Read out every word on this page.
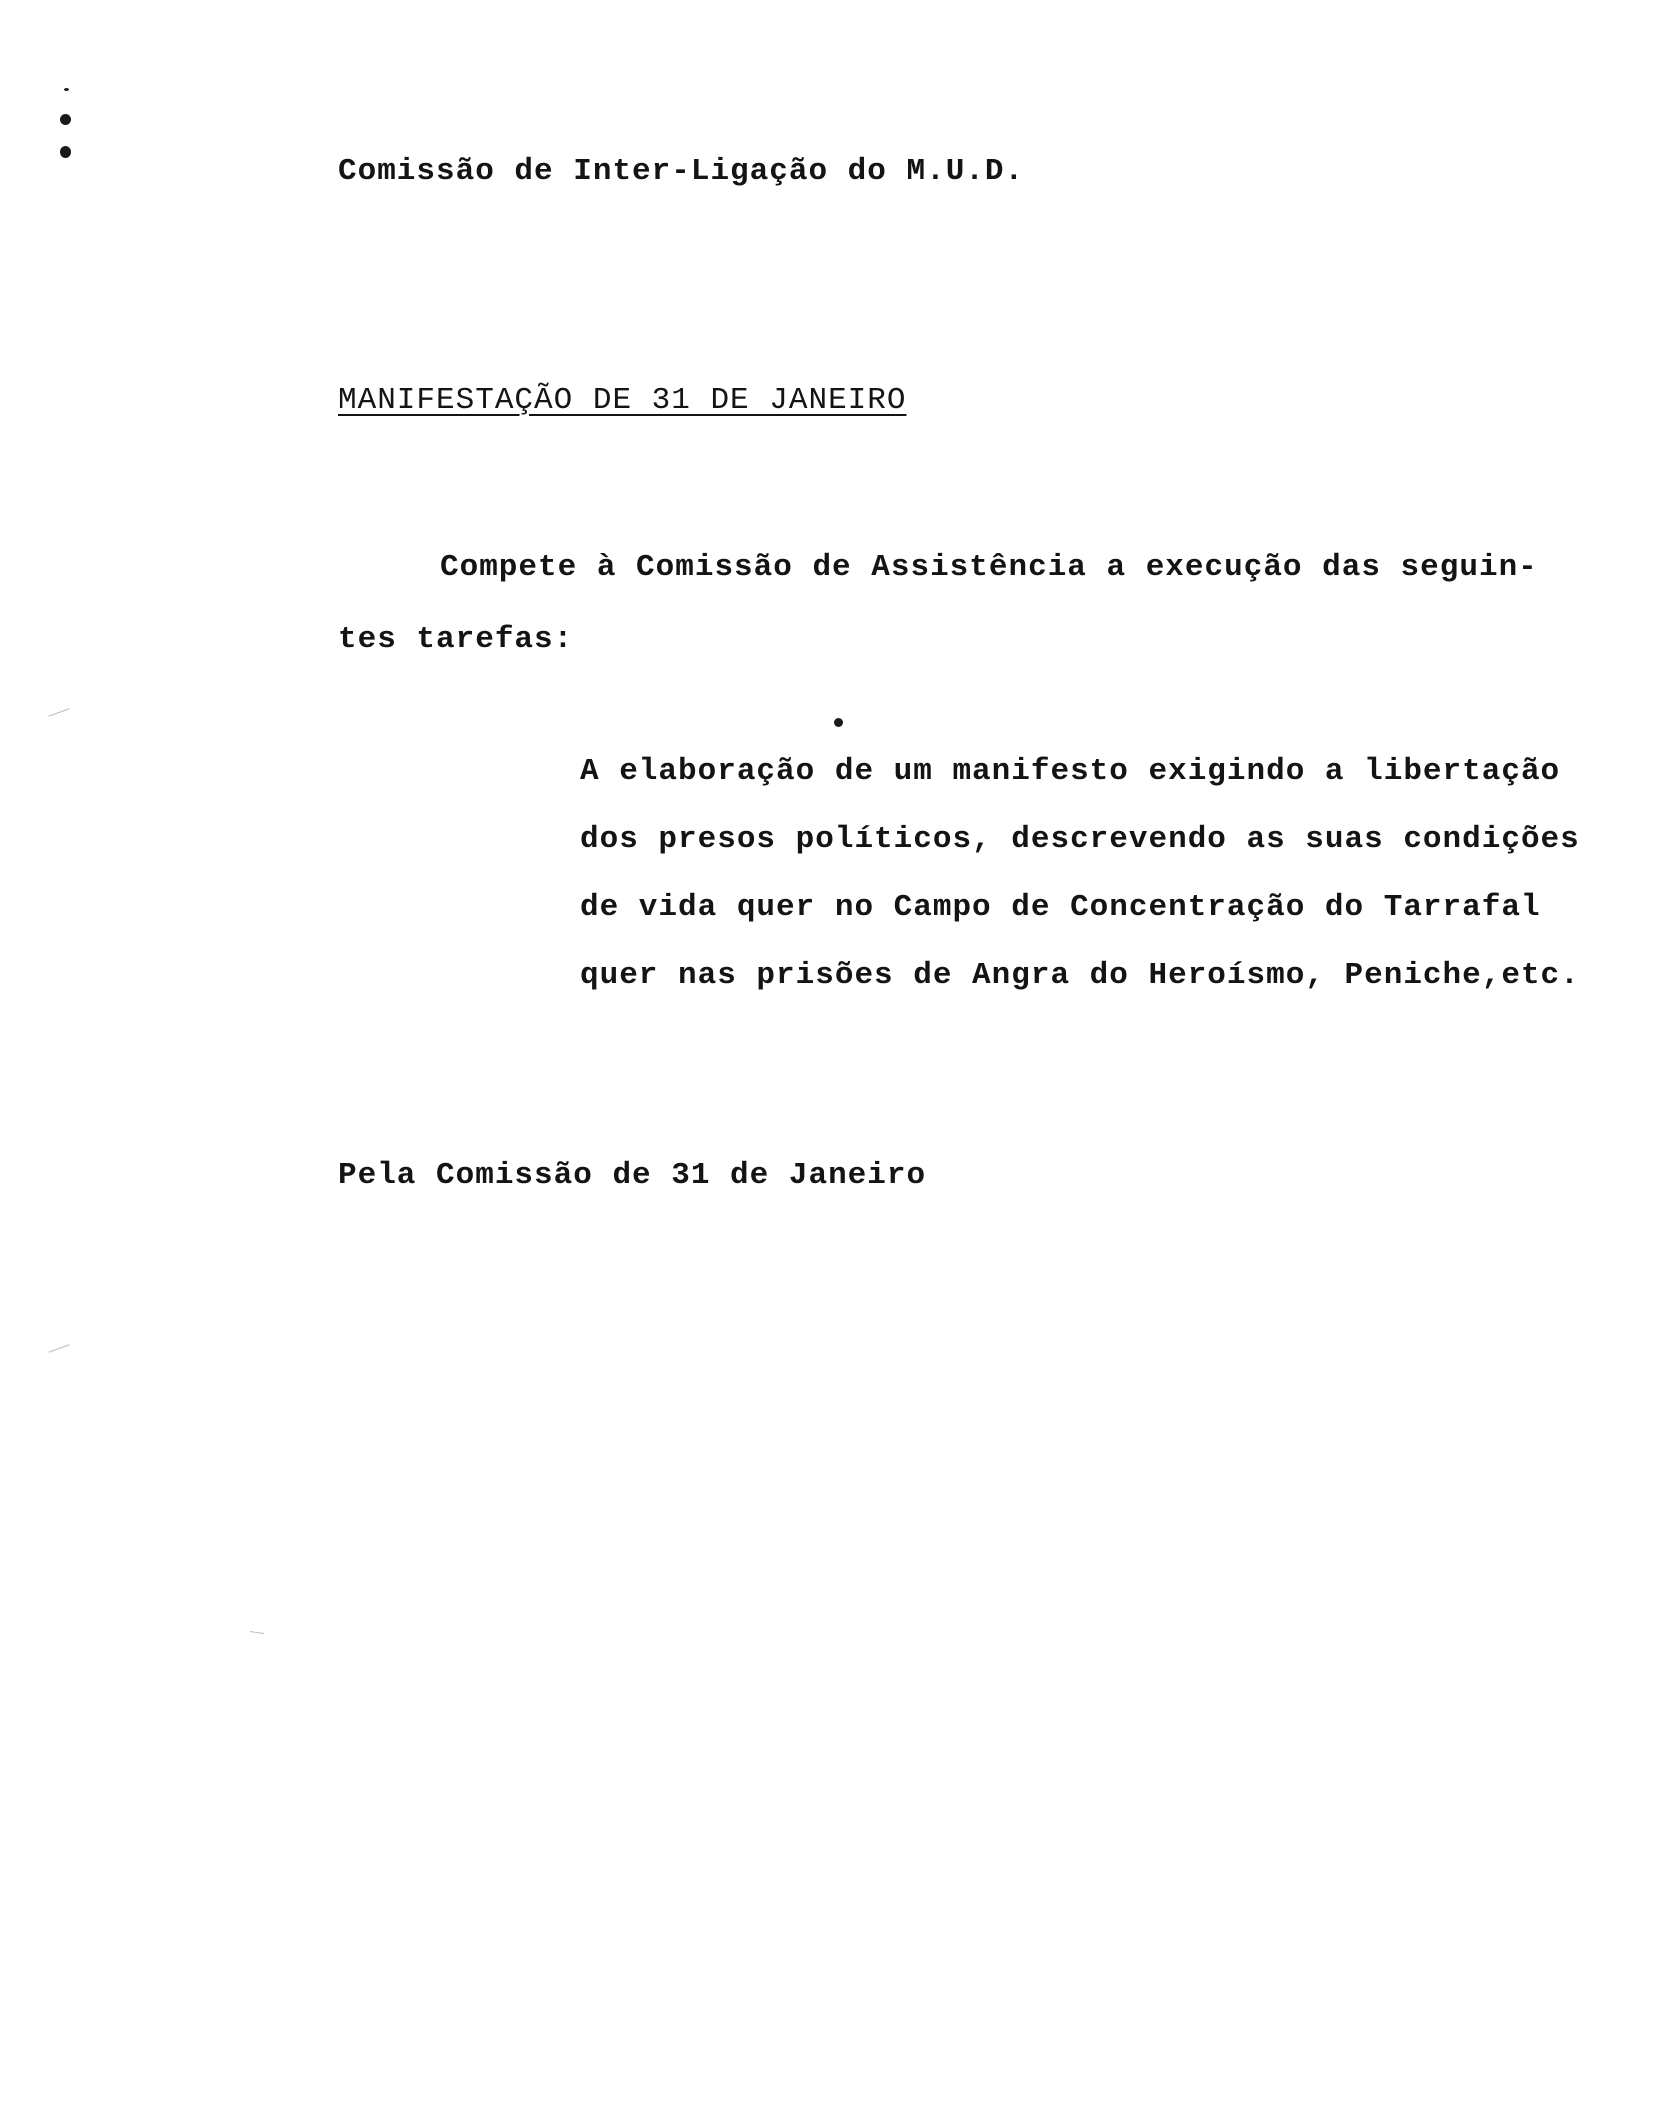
Comissão de Inter-Ligação do M.U.D.
MANIFESTAÇÃO DE 31 DE JANEIRO
Compete à Comissão de Assistência a execução das seguin-
tes tarefas:
A elaboração de um manifesto exigindo a libertação
dos presos políticos, descrevendo as suas condições
de vida quer no Campo de Concentração do Tarrafal
quer nas prisões de Angra do Heroísmo, Peniche,etc.
Pela Comissão de 31 de Janeiro
